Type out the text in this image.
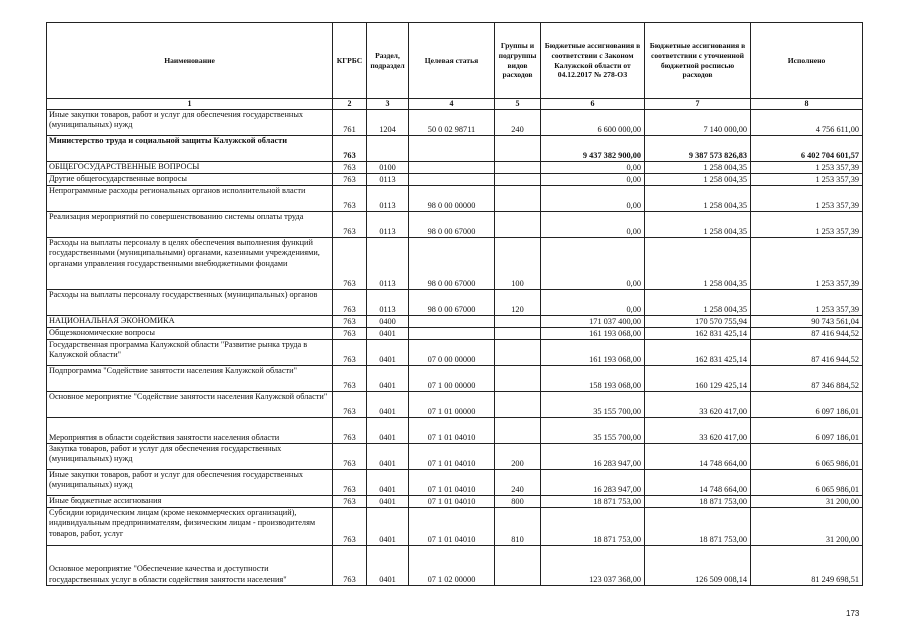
Наименование	КГРБС	Раздел, подраздел	Целевая статья	Группы и подгруппы видов расходов	Бюджетные ассигнования в соответствии с Законом Калужской области от 04.12.2017 № 278-ОЗ	Бюджетные ассигнования в соответствии с уточненной бюджетной росписью расходов	Исполнено
1	2	3	4	5	6	7	8
Иные закупки товаров, работ и услуг для обеспечения государственных (муниципальных) нужд	761	1204	50 0 02 98711	240	6 600 000,00	7 140 000,00	4 756 611,00
Министерство труда и социальной защиты Калужской области	763				9 437 382 900,00	9 387 573 826,83	6 402 704 601,57
ОБЩЕГОСУДАРСТВЕННЫЕ ВОПРОСЫ	763	0100			0,00	1 258 004,35	1 253 357,39
Другие общегосударственные вопросы	763	0113			0,00	1 258 004,35	1 253 357,39
Непрограммные расходы региональных органов исполнительной власти	763	0113	98 0 00 00000		0,00	1 258 004,35	1 253 357,39
Реализация мероприятий по совершенствованию системы оплаты труда	763	0113	98 0 00 67000		0,00	1 258 004,35	1 253 357,39
Расходы на выплаты персоналу в целях обеспечения выполнения функций государственными (муниципальными) органами, казенными учреждениями, органами управления государственными внебюджетными фондами	763	0113	98 0 00 67000	100	0,00	1 258 004,35	1 253 357,39
Расходы на выплаты персоналу государственных (муниципальных) органов	763	0113	98 0 00 67000	120	0,00	1 258 004,35	1 253 357,39
НАЦИОНАЛЬНАЯ ЭКОНОМИКА	763	0400			171 037 400,00	170 570 755,94	90 743 561,04
Общеэкономические вопросы	763	0401			161 193 068,00	162 831 425,14	87 416 944,52
Государственная программа Калужской области "Развитие рынка труда в Калужской области"	763	0401	07 0 00 00000		161 193 068,00	162 831 425,14	87 416 944,52
Подпрограмма "Содействие занятости населения Калужской области"	763	0401	07 1 00 00000		158 193 068,00	160 129 425,14	87 346 884,52
Основное мероприятие "Содействие занятости населения Калужской области"	763	0401	07 1 01 00000		35 155 700,00	33 620 417,00	6 097 186,01
Мероприятия в области содействия занятости населения области	763	0401	07 1 01 04010		35 155 700,00	33 620 417,00	6 097 186,01
Закупка товаров, работ и услуг для обеспечения государственных (муниципальных) нужд	763	0401	07 1 01 04010	200	16 283 947,00	14 748 664,00	6 065 986,01
Иные закупки товаров, работ и услуг для обеспечения государственных (муниципальных) нужд	763	0401	07 1 01 04010	240	16 283 947,00	14 748 664,00	6 065 986,01
Иные бюджетные ассигнования	763	0401	07 1 01 04010	800	18 871 753,00	18 871 753,00	31 200,00
Субсидии юридическим лицам (кроме некоммерческих организаций), индивидуальным предпринимателям, физическим лицам - производителям товаров, работ, услуг	763	0401	07 1 01 04010	810	18 871 753,00	18 871 753,00	31 200,00
Основное мероприятие "Обеспечение качества и доступности государственных услуг в области содействия занятости населения"	763	0401	07 1 02 00000		123 037 368,00	126 509 008,14	81 249 698,51
173
